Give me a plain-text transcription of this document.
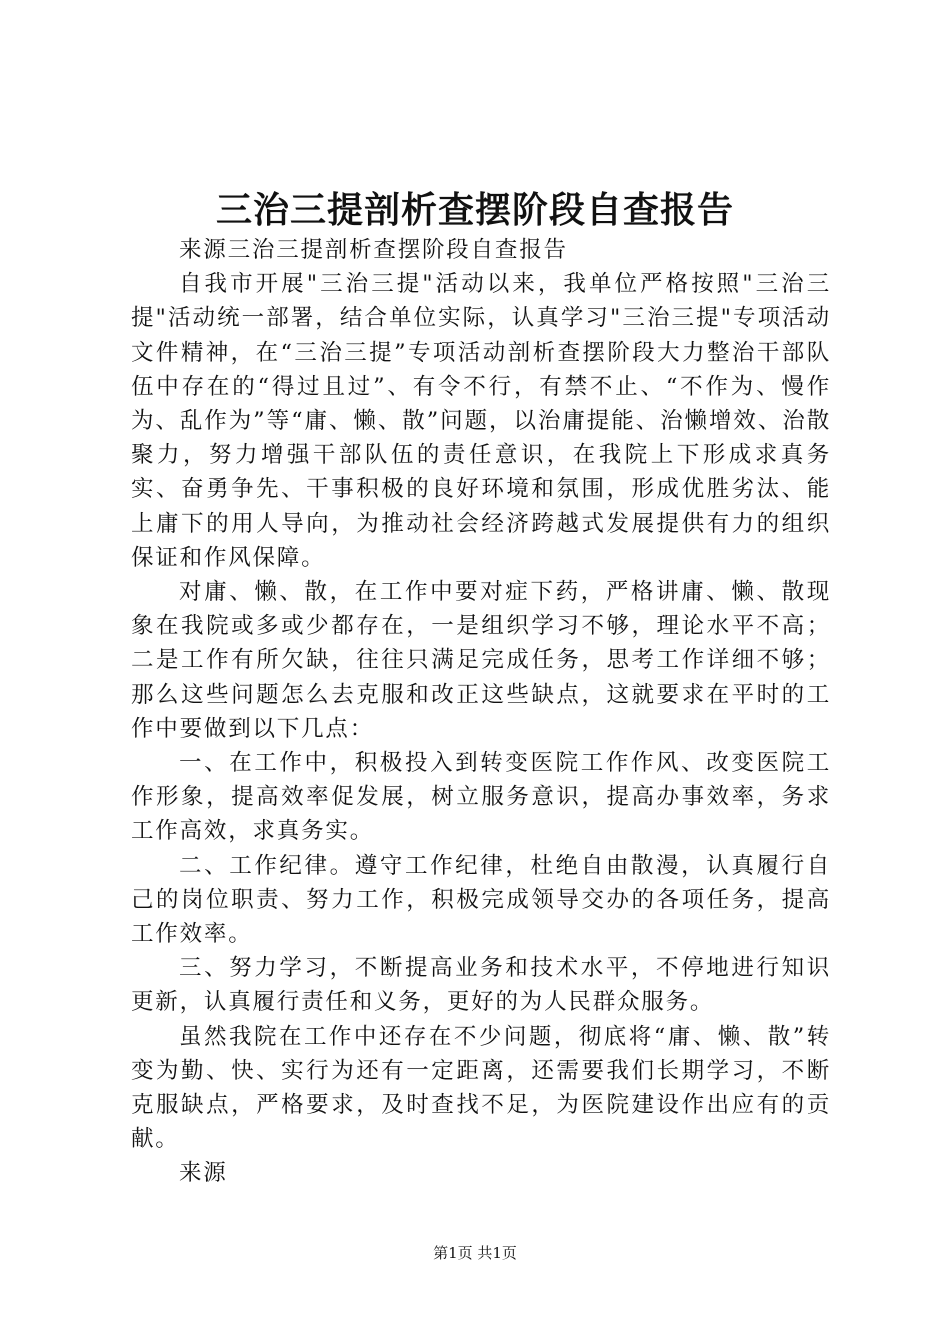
三治三提剖析查摆阶段自查报告

来源三治三提剖析查摆阶段自查报告

自我市开展"三治三提"活动以来，我单位严格按照"三治三提"活动统一部署，结合单位实际，认真学习"三治三提"专项活动文件精神，在“三治三提”专项活动剖析查摆阶段大力整治干部队伍中存在的“得过且过”、有令不行，有禁不止、“不作为、慢作为、乱作为”等“庸、懒、散”问题，以治庸提能、治懒增效、治散聚力，努力增强干部队伍的责任意识，在我院上下形成求真务实、奋勇争先、干事积极的良好环境和氛围，形成优胜劣汰、能上庸下的用人导向，为推动社会经济跨越式发展提供有力的组织保证和作风保障。

对庸、懒、散，在工作中要对症下药，严格讲庸、懒、散现象在我院或多或少都存在，一是组织学习不够，理论水平不高；二是工作有所欠缺，往往只满足完成任务，思考工作详细不够；那么这些问题怎么去克服和改正这些缺点，这就要求在平时的工作中要做到以下几点：

一、在工作中，积极投入到转变医院工作作风、改变医院工作形象，提高效率促发展，树立服务意识，提高办事效率，务求工作高效，求真务实。

二、工作纪律。遵守工作纪律，杜绝自由散漫，认真履行自己的岗位职责、努力工作，积极完成领导交办的各项任务，提高工作效率。

三、努力学习，不断提高业务和技术水平，不停地进行知识更新，认真履行责任和义务，更好的为人民群众服务。

虽然我院在工作中还存在不少问题，彻底将“庸、懒、散”转变为勤、快、实行为还有一定距离，还需要我们长期学习，不断克服缺点，严格要求，及时查找不足，为医院建设作出应有的贡献。

来源

第1页 共1页
